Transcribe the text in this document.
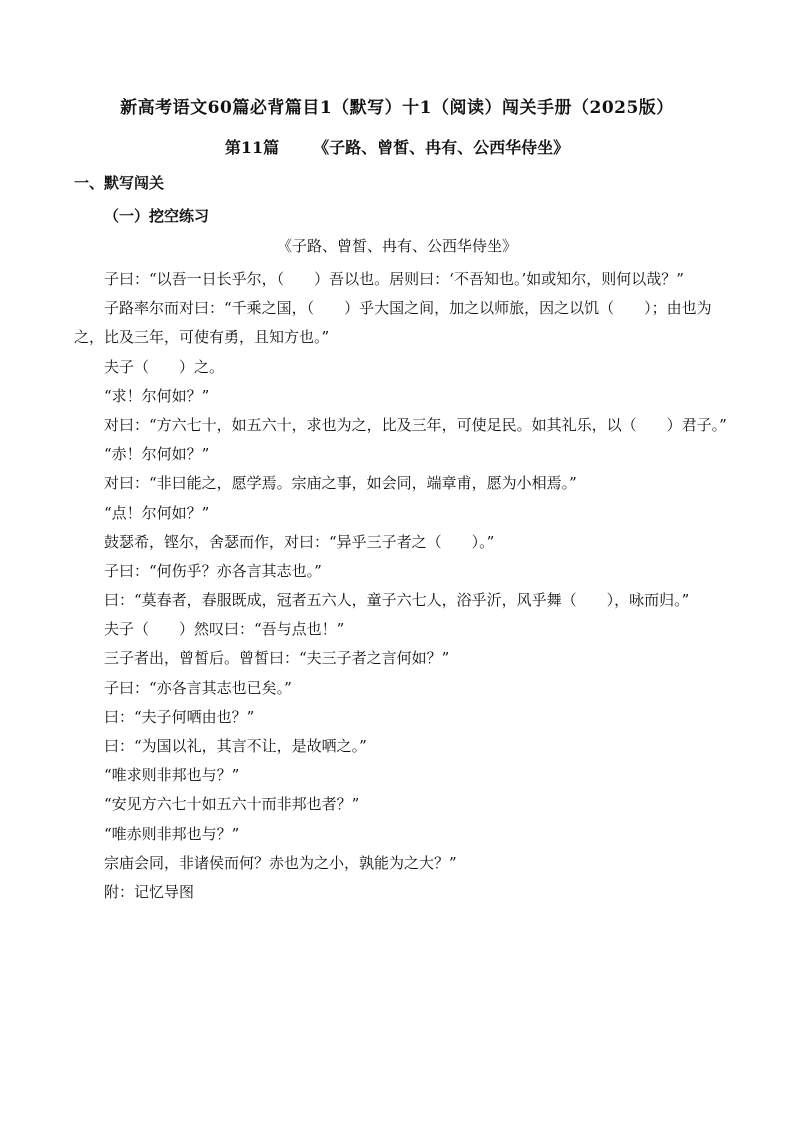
新高考语文60篇必背篇目1（默写）十1（阅读）闯关手册（2025版）
第11篇 《子路、曾皙、冉有、公西华侍坐》
一、默写闯关
（一）挖空练习
《子路、曾皙、冉有、公西华侍坐》
子曰：“以吾一日长乎尔，（　　）吾以也。居则曰：‘不吾知也。’如或知尔，则何以哉？”
子路率尔而对曰：“千乘之国，（　　）乎大国之间，加之以师旅，因之以饥（　　）；由也为
之，比及三年，可使有勇，且知方也。”
夫子（　　）之。
“求！尔何如？”
对曰：“方六七十，如五六十，求也为之，比及三年，可使足民。如其礼乐，以（　　）君子。”
“赤！尔何如？”
对曰：“非曰能之，愿学焉。宗庙之事，如会同，端章甫，愿为小相焉。”
“点！尔何如？”
鼓瑟希，铿尔，舍瑟而作，对曰：“异乎三子者之（　　）。”
子曰：“何伤乎？亦各言其志也。”
曰：“莫春者，春服既成，冠者五六人，童子六七人，浴乎沂，风乎舞（　　），咏而归。”
夫子（　　）然叹曰：“吾与点也！”
三子者出，曾皙后。曾皙曰：“夫三子者之言何如？”
子曰：“亦各言其志也已矣。”
曰：“夫子何哂由也？”
曰：“为国以礼，其言不让，是故哂之。”
“唯求则非邦也与？”
“安见方六七十如五六十而非邦也者？”
“唯赤则非邦也与？”
宗庙会同，非诸侯而何？赤也为之小，孰能为之大？”
附：记忆导图
